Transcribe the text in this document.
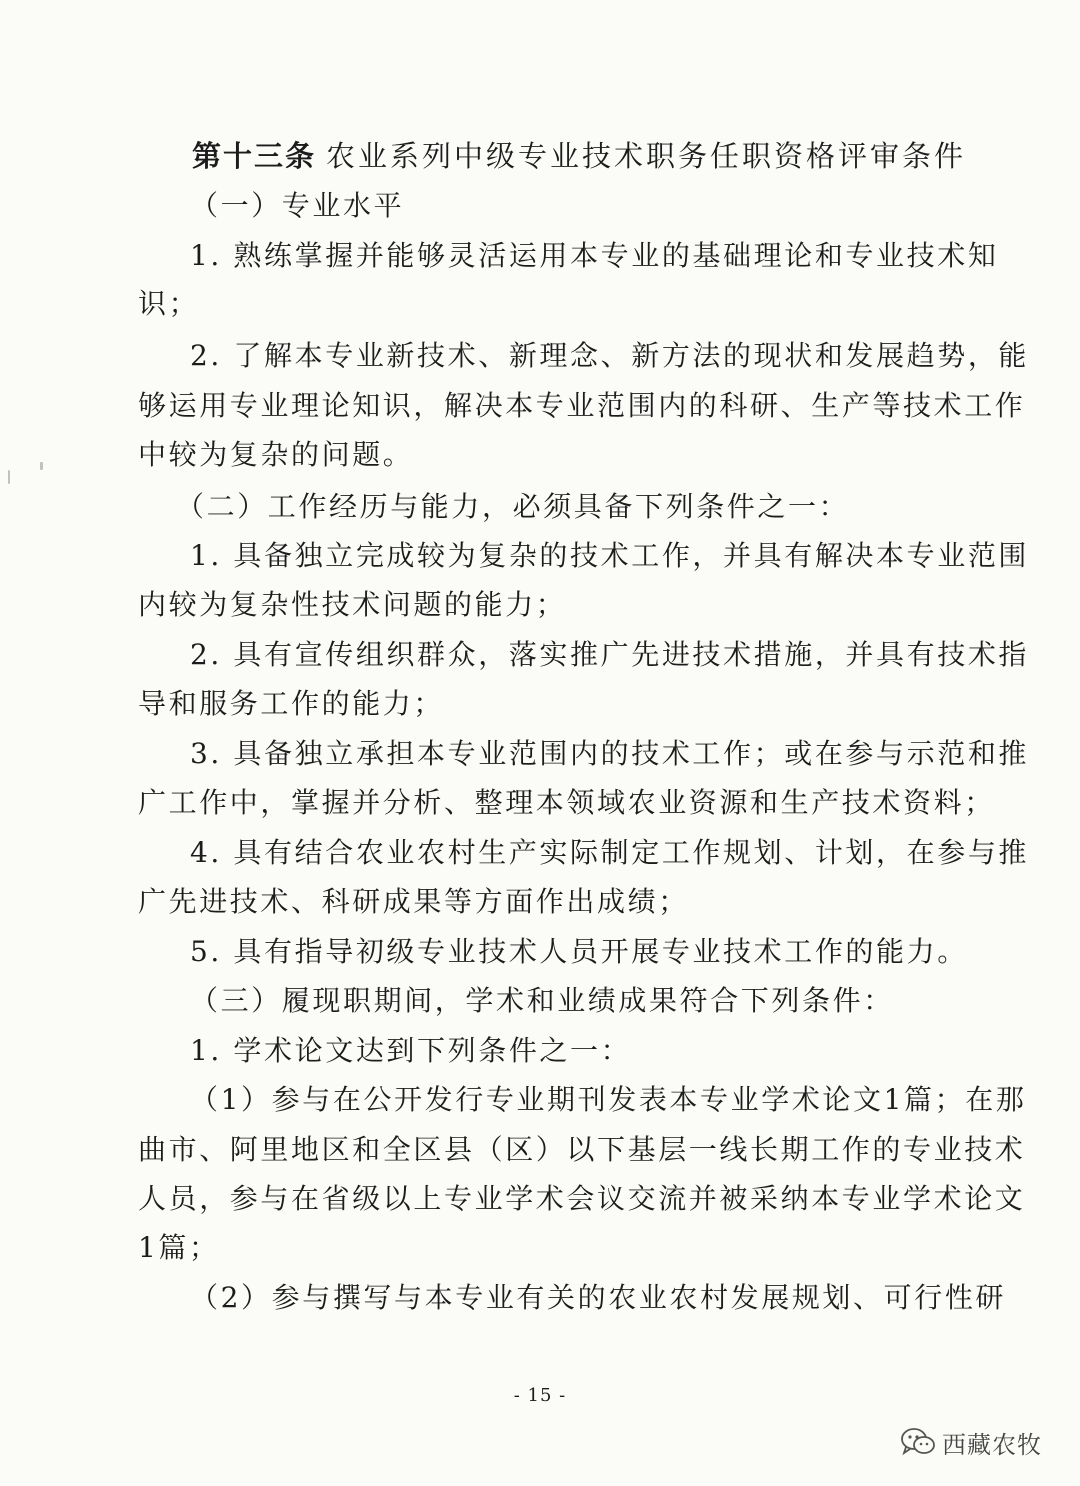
第十三条 农业系列中级专业技术职务任职资格评审条件
（一）专业水平
1. 熟练掌握并能够灵活运用本专业的基础理论和专业技术知
识；
2. 了解本专业新技术、新理念、新方法的现状和发展趋势，能
够运用专业理论知识，解决本专业范围内的科研、生产等技术工作
中较为复杂的问题。
（二）工作经历与能力，必须具备下列条件之一：
1. 具备独立完成较为复杂的技术工作，并具有解决本专业范围
内较为复杂性技术问题的能力；
2. 具有宣传组织群众，落实推广先进技术措施，并具有技术指
导和服务工作的能力；
3. 具备独立承担本专业范围内的技术工作；或在参与示范和推
广工作中，掌握并分析、整理本领域农业资源和生产技术资料；
4. 具有结合农业农村生产实际制定工作规划、计划，在参与推
广先进技术、科研成果等方面作出成绩；
5. 具有指导初级专业技术人员开展专业技术工作的能力。
（三）履现职期间，学术和业绩成果符合下列条件：
1. 学术论文达到下列条件之一：
（1）参与在公开发行专业期刊发表本专业学术论文1篇；在那
曲市、阿里地区和全区县（区）以下基层一线长期工作的专业技术
人员，参与在省级以上专业学术会议交流并被采纳本专业学术论文
1篇；
（2）参与撰写与本专业有关的农业农村发展规划、可行性研
- 15 -
西藏农牧
